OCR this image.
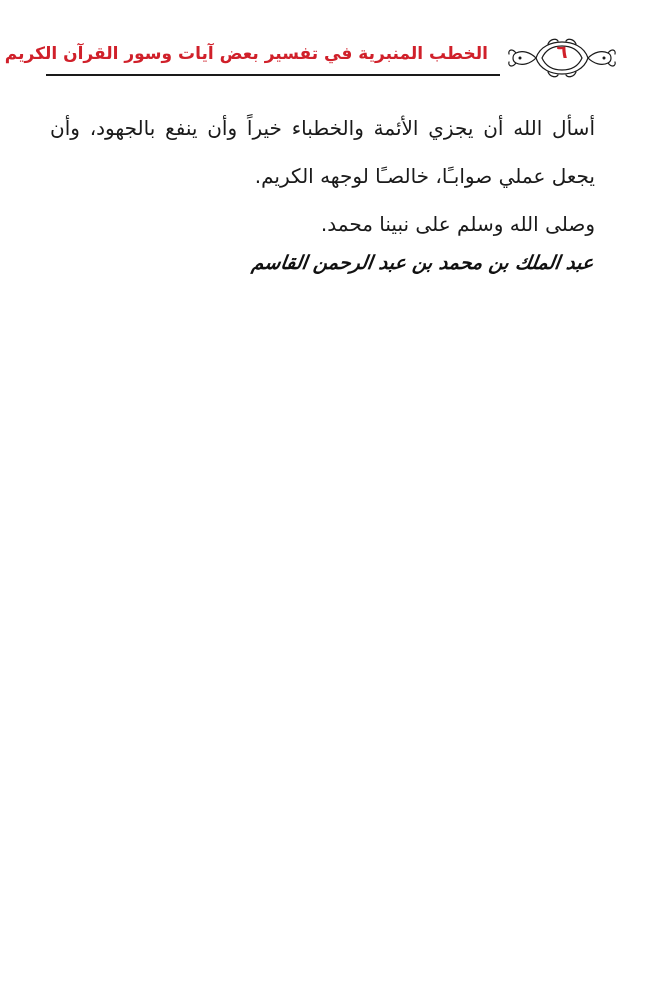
الخطب المنبرية في تفسير بعض آيات وسور القرآن الكريم	٦

أسأل الله أن يجزي الأئمة والخطباء خيراً وأن ينفع بالجهود، وأن يجعل عملي صوابـًا، خالصـًا لوجهه الكريم.

وصلى الله وسلم على نبينا محمد.

عبد الملك بن محمد بن عبد الرحمن القاسم
